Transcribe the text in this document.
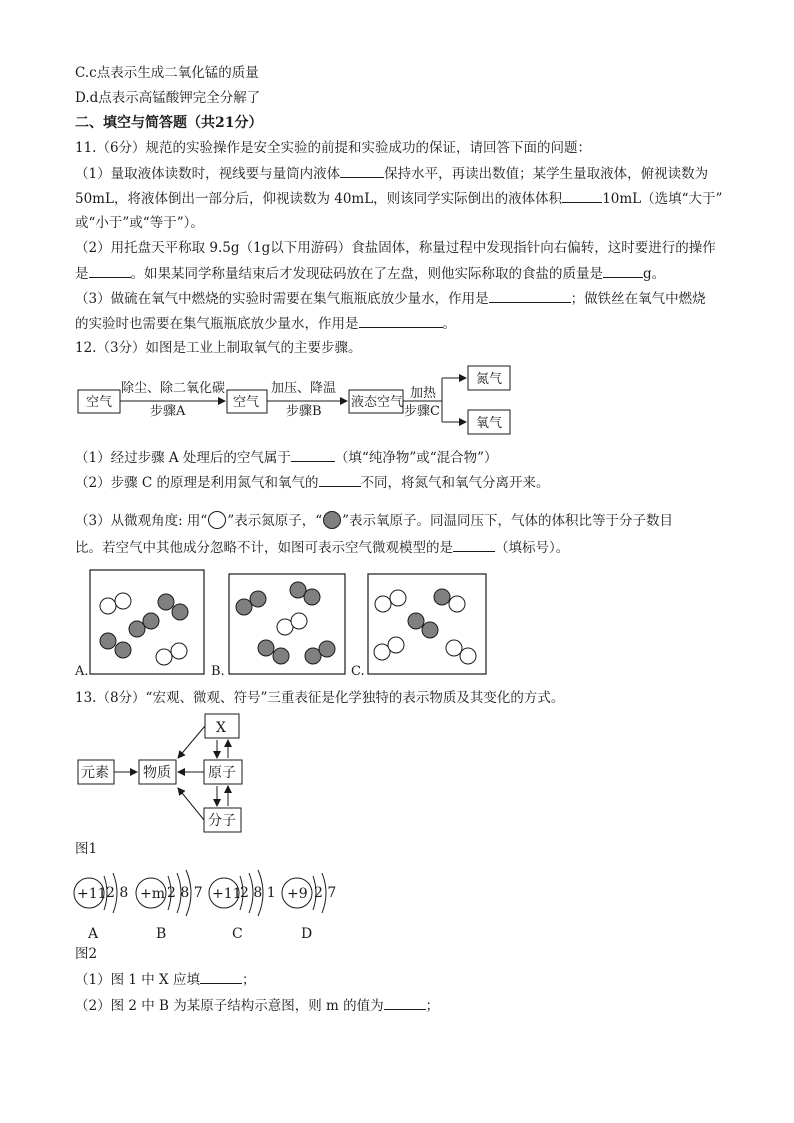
C.c点表示生成二氧化锰的质量
D.d点表示高锰酸钾完全分解了
二、填空与简答题（共21分）
11.（6分）规范的实验操作是安全实验的前提和实验成功的保证，请回答下面的问题：
（1）量取液体读数时，视线要与量筒内液体	保持水平，再读出数值；某学生量取液体，俯视读数为
50mL，将液体倒出一部分后，仰视读数为 40mL，则该同学实际倒出的液体体积	10mL（选填“大于”
或“小于”或“等于”）。
（2）用托盘天平称取 9.5g（1g以下用游码）食盐固体，称量过程中发现指针向右偏转，这时要进行的操作
是	。如果某同学称量结束后才发现砝码放在了左盘，则他实际称取的食盐的质量是	g。
（3）做硫在氧气中燃烧的实验时需要在集气瓶瓶底放少量水，作用是	；做铁丝在氧气中燃烧
的实验时也需要在集气瓶瓶底放少量水，作用是	。
12.（3分）如图是工业上制取氧气的主要步骤。
空气	空气	液态空气
氮气
氧气
除尘、除二氧化碳
步骤A
加压、降温
步骤B
加热
步骤C
（1）经过步骤 A 处理后的空气属于	（填“纯净物”或“混合物”）
（2）步骤 C 的原理是利用氮气和氧气的	不同，将氮气和氧气分离开来。
（3）从微观角度: 用“ ”表示氮原子，“ ”表示氧原子。同温同压下，气体的体积比等于分子数目
比。若空气中其他成分忽略不计，如图可表示空气微观模型的是	（填标号）。
A.	B.	C.
13.（8分）“宏观、微观、符号”三重表征是化学独特的表示物质及其变化的方式。
X
元素 物质	原子
分子
图1
+11 2 8 +m 2 8 7 +11
2 8 1 +9 2 7
A	B	C	D
图2
（1）图 1 中 X 应填	；
（2）图 2 中 B 为某原子结构示意图，则 m 的值为	；
